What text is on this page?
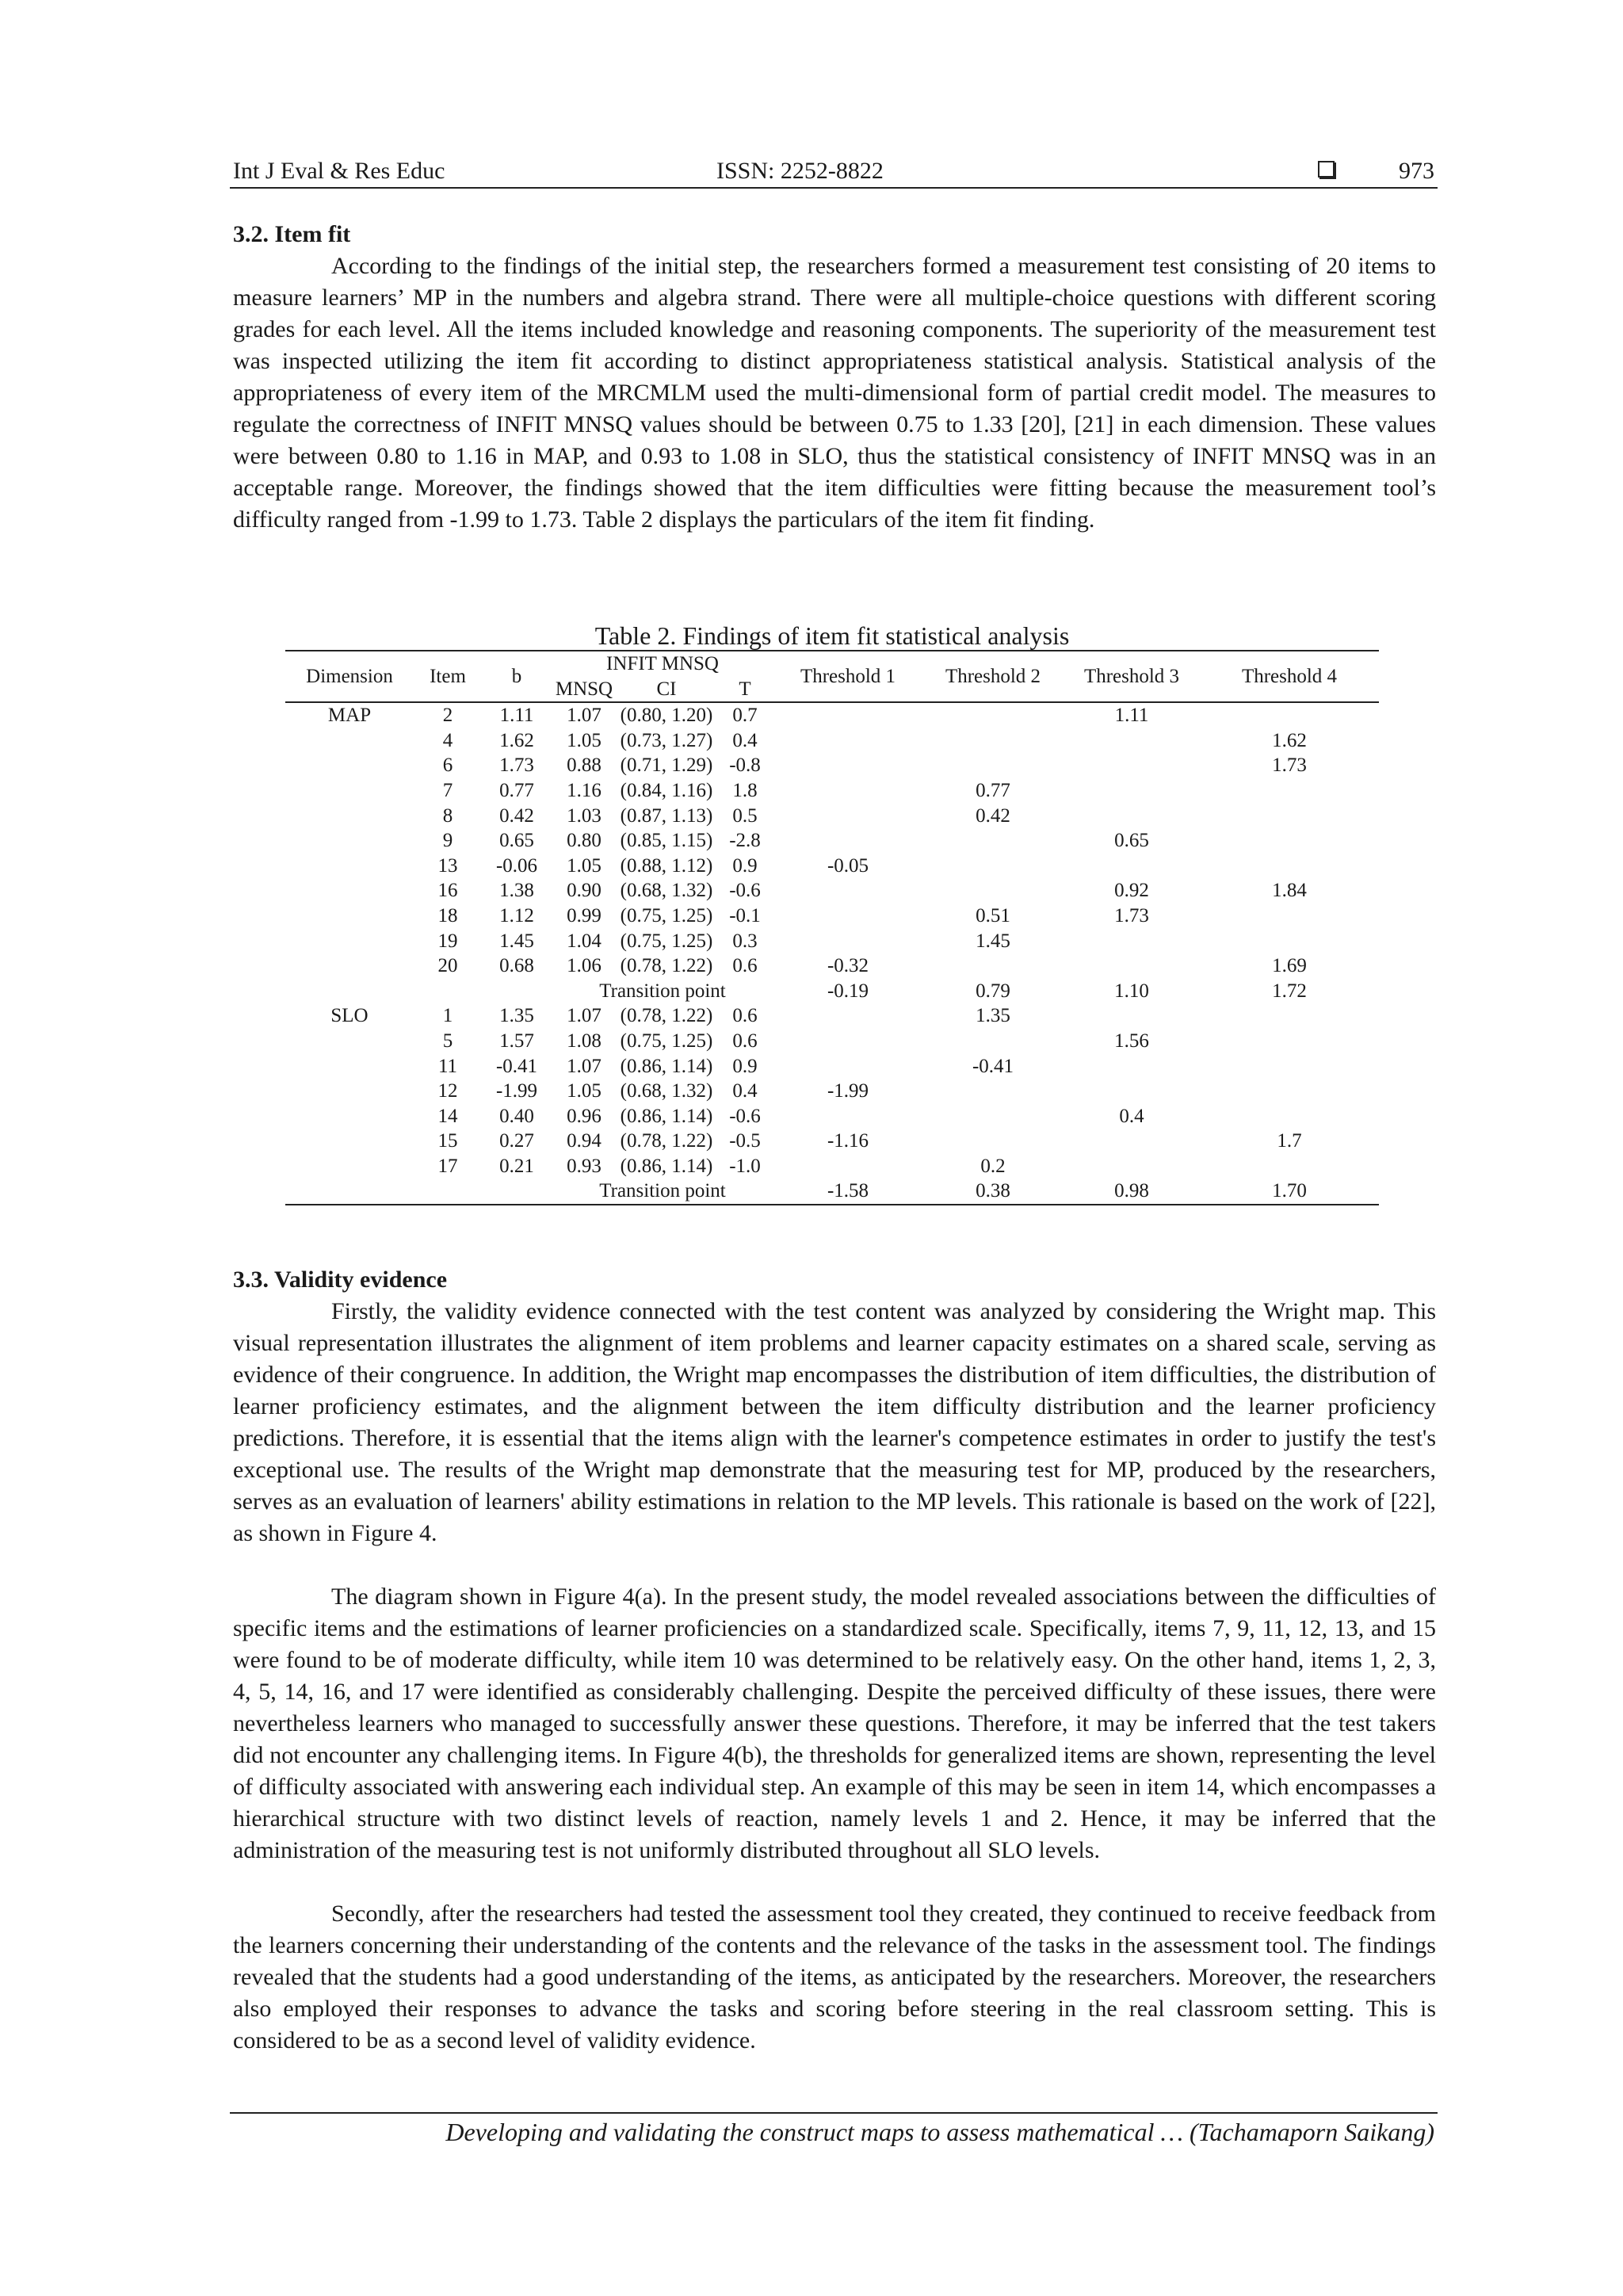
Int J Eval & Res Educ	ISSN: 2252-8822	973
3.2. Item fit

According to the findings of the initial step, the researchers formed a measurement test consisting of 20 items to measure learners’ MP in the numbers and algebra strand. There were all multiple-choice questions with different scoring grades for each level. All the items included knowledge and reasoning components. The superiority of the measurement test was inspected utilizing the item fit according to distinct appropriateness statistical analysis. Statistical analysis of the appropriateness of every item of the MRCMLM used the multi-dimensional form of partial credit model. The measures to regulate the correctness of INFIT MNSQ values should be between 0.75 to 1.33 [20], [21] in each dimension. These values were between 0.80 to 1.16 in MAP, and 0.93 to 1.08 in SLO, thus the statistical consistency of INFIT MNSQ was in an acceptable range. Moreover, the findings showed that the item difficulties were fitting because the measurement tool’s difficulty ranged from -1.99 to 1.73. Table 2 displays the particulars of the item fit finding.

Table 2. Findings of item fit statistical analysis
Dimension	Item	b	INFIT MNSQ			Threshold 1	Threshold 2	Threshold 3	Threshold 4
			MNSQ	CI	T				
MAP	2	1.11	1.07	(0.80, 1.20)	0.7			1.11	
	4	1.62	1.05	(0.73, 1.27)	0.4				1.62
	6	1.73	0.88	(0.71, 1.29)	-0.8				1.73
	7	0.77	1.16	(0.84, 1.16)	1.8		0.77		
	8	0.42	1.03	(0.87, 1.13)	0.5		0.42		
	9	0.65	0.80	(0.85, 1.15)	-2.8			0.65	
	13	-0.06	1.05	(0.88, 1.12)	0.9	-0.05			
	16	1.38	0.90	(0.68, 1.32)	-0.6			0.92	1.84
	18	1.12	0.99	(0.75, 1.25)	-0.1		0.51	1.73	
	19	1.45	1.04	(0.75, 1.25)	0.3		1.45		
	20	0.68	1.06	(0.78, 1.22)	0.6	-0.32			1.69
			Transition point			-0.19	0.79	1.10	1.72
SLO	1	1.35	1.07	(0.78, 1.22)	0.6		1.35		
	5	1.57	1.08	(0.75, 1.25)	0.6			1.56	
	11	-0.41	1.07	(0.86, 1.14)	0.9		-0.41		
	12	-1.99	1.05	(0.68, 1.32)	0.4	-1.99			
	14	0.40	0.96	(0.86, 1.14)	-0.6			0.4	
	15	0.27	0.94	(0.78, 1.22)	-0.5	-1.16			1.7
	17	0.21	0.93	(0.86, 1.14)	-1.0		0.2		
			Transition point			-1.58	0.38	0.98	1.70
3.3. Validity evidence

Firstly, the validity evidence connected with the test content was analyzed by considering the Wright map. This visual representation illustrates the alignment of item problems and learner capacity estimates on a shared scale, serving as evidence of their congruence. In addition, the Wright map encompasses the distribution of item difficulties, the distribution of learner proficiency estimates, and the alignment between the item difficulty distribution and the learner proficiency predictions. Therefore, it is essential that the items align with the learner's competence estimates in order to justify the test's exceptional use. The results of the Wright map demonstrate that the measuring test for MP, produced by the researchers, serves as an evaluation of learners' ability estimations in relation to the MP levels. This rationale is based on the work of [22], as shown in Figure 4.

The diagram shown in Figure 4(a). In the present study, the model revealed associations between the difficulties of specific items and the estimations of learner proficiencies on a standardized scale. Specifically, items 7, 9, 11, 12, 13, and 15 were found to be of moderate difficulty, while item 10 was determined to be relatively easy. On the other hand, items 1, 2, 3, 4, 5, 14, 16, and 17 were identified as considerably challenging. Despite the perceived difficulty of these issues, there were nevertheless learners who managed to successfully answer these questions. Therefore, it may be inferred that the test takers did not encounter any challenging items. In Figure 4(b), the thresholds for generalized items are shown, representing the level of difficulty associated with answering each individual step. An example of this may be seen in item 14, which encompasses a hierarchical structure with two distinct levels of reaction, namely levels 1 and 2. Hence, it may be inferred that the administration of the measuring test is not uniformly distributed throughout all SLO levels.

Secondly, after the researchers had tested the assessment tool they created, they continued to receive feedback from the learners concerning their understanding of the contents and the relevance of the tasks in the assessment tool. The findings revealed that the students had a good understanding of the items, as anticipated by the researchers. Moreover, the researchers also employed their responses to advance the tasks and scoring before steering in the real classroom setting. This is considered to be as a second level of validity evidence.

Developing and validating the construct maps to assess mathematical … (Tachamaporn Saikang)
